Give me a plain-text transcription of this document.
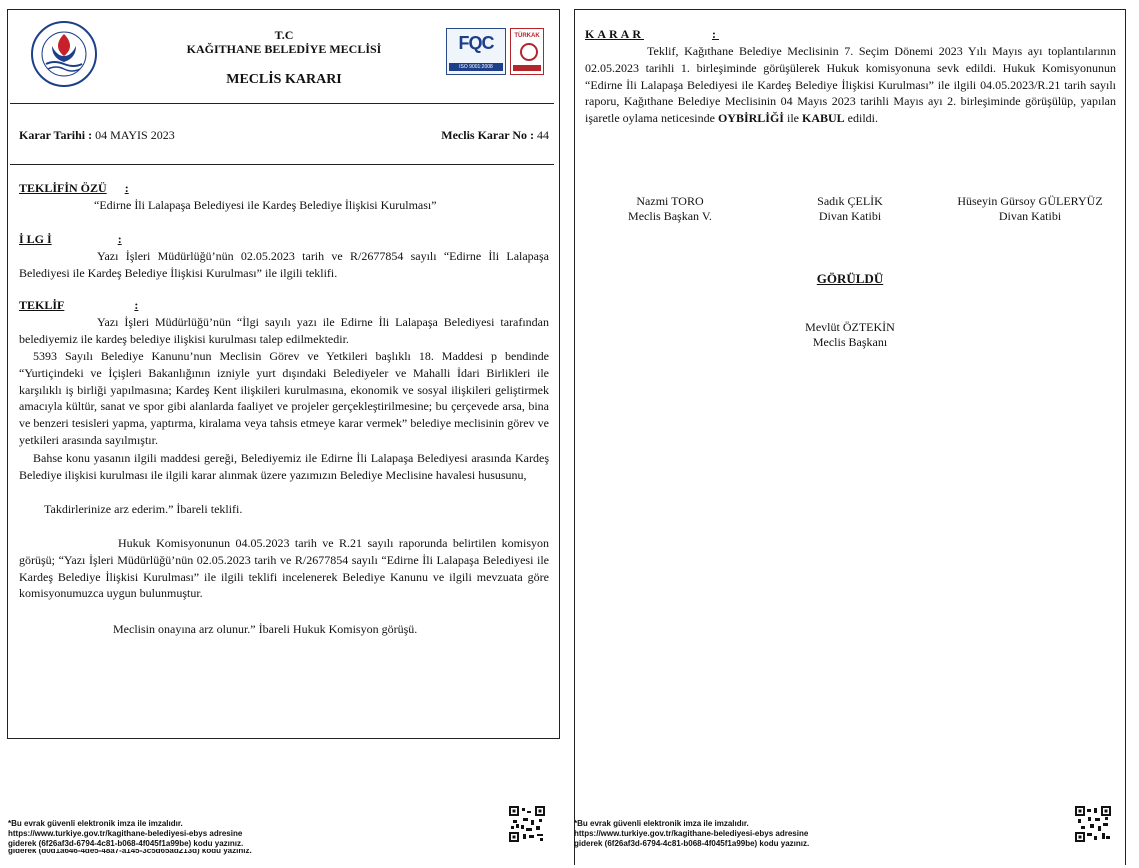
T.C
KAĞITHANE BELEDİYE MECLİSİ
MECLİS KARARI
FQC
ISO 9001:2008
TÜRKAK
Karar Tarihi : 04 MAYIS 2023	Meclis Karar No : 44
TEKLİFİN ÖZÜ :
“Edirne İli Lalapaşa Belediyesi ile Kardeş Belediye İlişkisi Kurulması”
İ LG İ	:
Yazı İşleri Müdürlüğü’nün 02.05.2023 tarih ve R/2677854 sayılı “Edirne İli Lalapaşa Belediyesi ile Kardeş Belediye İlişkisi Kurulması” ile ilgili teklifi.
TEKLİF	:
Yazı İşleri Müdürlüğü’nün “İlgi sayılı yazı ile Edirne İli Lalapaşa Belediyesi tarafından belediyemiz ile kardeş belediye ilişkisi kurulması talep edilmektedir.
5393 Sayılı Belediye Kanunu’nun Meclisin Görev ve Yetkileri başlıklı 18. Maddesi p bendinde “Yurtiçindeki ve İçişleri Bakanlığının izniyle yurt dışındaki Belediyeler ve Mahalli İdari Birlikleri ile karşılıklı iş birliği yapılmasına; Kardeş Kent ilişkileri kurulmasına, ekonomik ve sosyal ilişkileri geliştirmek amacıyla kültür, sanat ve spor gibi alanlarda faaliyet ve projeler gerçekleştirilmesine; bu çerçevede arsa, bina ve benzeri tesisleri yapma, yaptırma, kiralama veya tahsis etmeye karar vermek” belediye meclisinin görev ve yetkileri arasında sayılmıştır.
Bahse konu yasanın ilgili maddesi gereği, Belediyemiz ile Edirne İli Lalapaşa Belediyesi arasında Kardeş Belediye ilişkisi kurulması ile ilgili karar alınmak üzere yazımızın Belediye Meclisine havalesi hususunu,
Takdirlerinize arz ederim.” İbareli teklifi.
Hukuk Komisyonunun 04.05.2023 tarih ve R.21 sayılı raporunda belirtilen komisyon görüşü; “Yazı İşleri Müdürlüğü’nün 02.05.2023 tarih ve R/2677854 sayılı “Edirne İli Lalapaşa Belediyesi ile Kardeş Belediye İlişkisi Kurulması” ile ilgili teklifi incelenerek Belediye Kanunu ve ilgili mevzuata göre komisyonumuzca uygun bulunmuştur.
Meclisin onayına arz olunur.” İbareli Hukuk Komisyon görüşü.
*Bu evrak güvenli elektronik imza ile imzalıdır.
https://www.turkiye.gov.tr/kagithane-belediyesi-ebys adresine
giderek (6f26af3d-6794-4c81-b068-4f045f1a99be) kodu yazınız.
giderek (d0d1a646-4de5-48a7-a145-3c5d65ad213d) kodu yazınız.
KARAR	:
Teklif, Kağıthane Belediye Meclisinin 7. Seçim Dönemi 2023 Yılı Mayıs ayı toplantılarının 02.05.2023 tarihli 1. birleşiminde görüşülerek Hukuk komisyonuna sevk edildi. Hukuk Komisyonunun “Edirne İli Lalapaşa Belediyesi ile Kardeş Belediye İlişkisi Kurulması” ile ilgili 04.05.2023/R.21 tarih sayılı raporu, Kağıthane Belediye Meclisinin 04 Mayıs 2023 tarihli Mayıs ayı 2. birleşiminde görüşülüp, yapılan işaretle oylama neticesinde OYBİRLİĞİ ile KABUL edildi.
Nazmi TORO
Meclis Başkan V.
Sadık ÇELİK
Divan Katibi
Hüseyin Gürsoy GÜLERYÜZ
Divan Katibi
GÖRÜLDÜ
Mevlüt ÖZTEKİN
Meclis Başkanı
*Bu evrak güvenli elektronik imza ile imzalıdır.
https://www.turkiye.gov.tr/kagithane-belediyesi-ebys adresine
giderek (6f26af3d-6794-4c81-b068-4f045f1a99be) kodu yazınız.
